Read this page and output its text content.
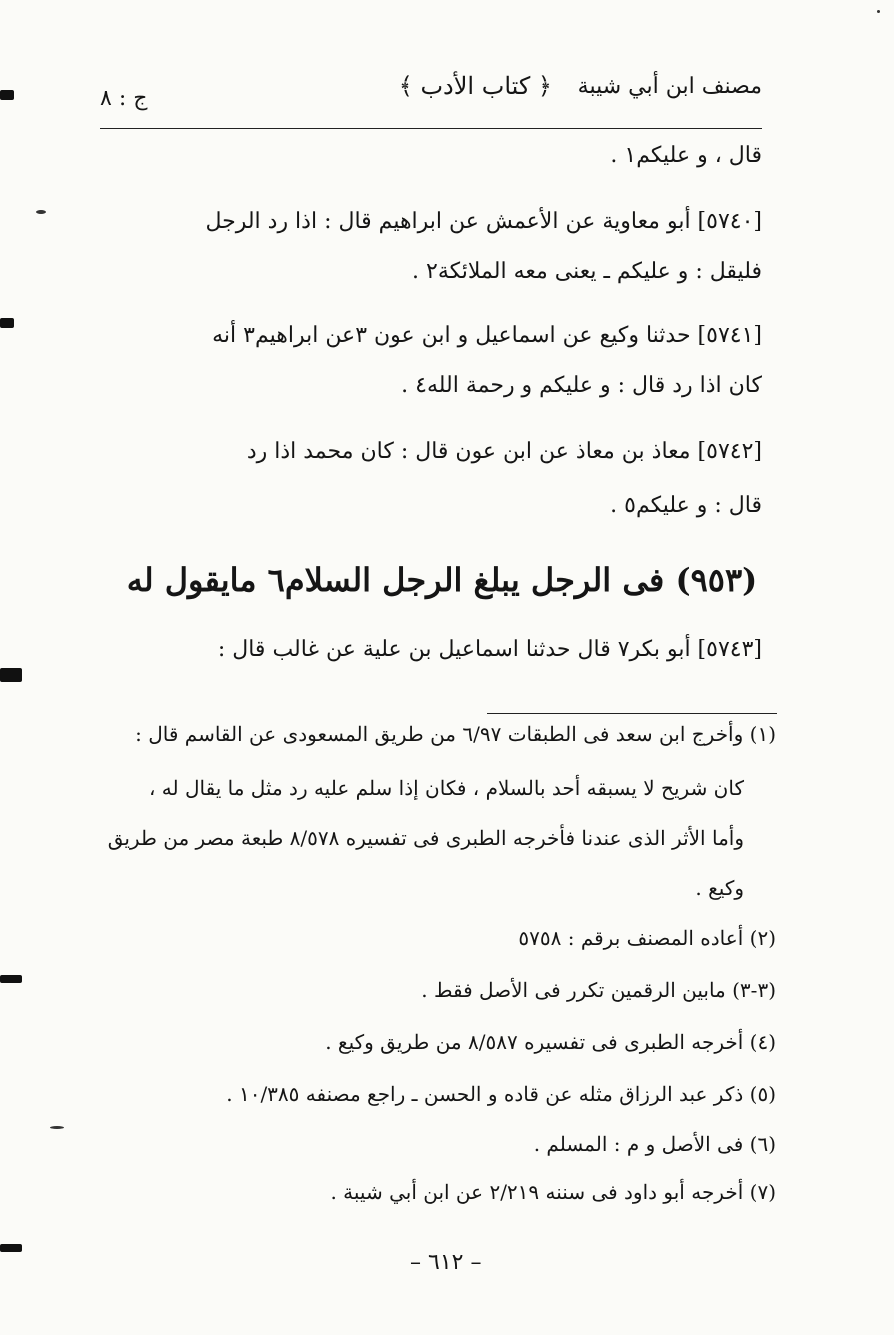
مصنف ابن أبي شيبة
﴿ كتاب الأدب ﴾
ج : ٨
قال ، و عليكم١ .
[٥٧٤٠] أبو معاوية عن الأعمش عن ابراهيم قال : اذا رد الرجل
فليقل : و عليكم ـ يعنى معه الملائكة٢ .
[٥٧٤١] حدثنا وكيع عن اسماعيل و ابن عون ٣عن ابراهيم٣ أنه
كان اذا رد قال : و عليكم و رحمة الله٤ .
[٥٧٤٢] معاذ بن معاذ عن ابن عون قال : كان محمد اذا رد
قال : و عليكم٥ .
(٩٥٣) فى الرجل يبلغ الرجل السلام٦ مايقول له
[٥٧٤٣] أبو بكر٧ قال حدثنا اسماعيل بن علية عن غالب قال :
(١) وأخرج ابن سعد فى الطبقات ٦/٩٧ من طريق المسعودى عن القاسم قال :
كان شريح لا يسبقه أحد بالسلام ، فكان إذا سلم عليه رد مثل ما يقال له ،
وأما الأثر الذى عندنا فأخرجه الطبرى فى تفسيره ٨/٥٧٨ طبعة مصر من طريق
وكيع .
(٢) أعاده المصنف برقم : ٥٧٥٨
(٣-٣) مابين الرقمين تكرر فى الأصل فقط .
(٤) أخرجه الطبرى فى تفسيره ٨/٥٨٧ من طريق وكيع .
(٥) ذكر عبد الرزاق مثله عن قاده و الحسن ـ راجع مصنفه ١٠/٣٨٥ .
(٦) فى الأصل و م : المسلم .
(٧) أخرجه أبو داود فى سننه ٢/٢١٩ عن ابن أبي شيبة .
– ٦١٢ –
